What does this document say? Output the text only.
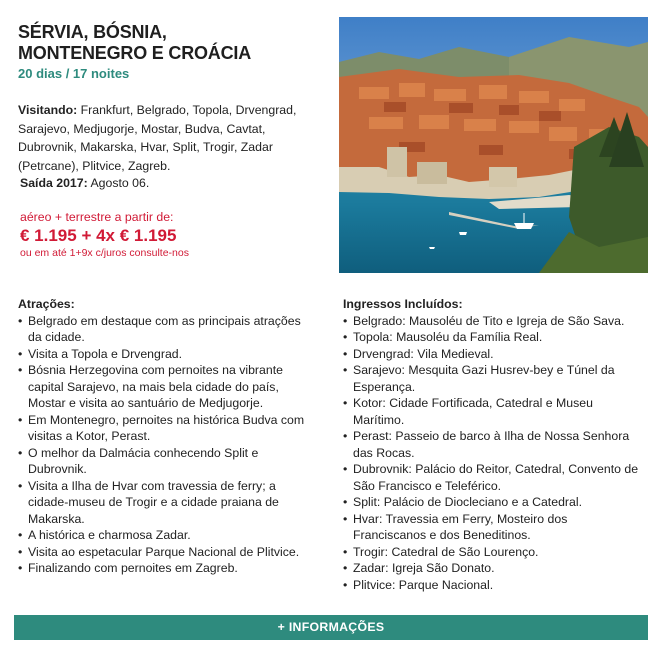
SÉRVIA, BÓSNIA,
MONTENEGRO E CROÁCIA
20 dias / 17 noites
Visitando: Frankfurt, Belgrado, Topola, Drvengrad, Sarajevo, Medjugorje, Mostar, Budva, Cavtat, Dubrovnik, Makarska, Hvar, Split, Trogir, Zadar (Petrcane), Plitvice, Zagreb.
Saída 2017: Agosto 06.
aéreo + terrestre a partir de:
€ 1.195 + 4x € 1.195
ou em até 1+9x c/juros consulte-nos
Atrações:
• Belgrado em destaque com as principais atrações da cidade.
• Visita a Topola e Drvengrad.
• Bósnia Herzegovina com pernoites na vibrante capital Sarajevo, na mais bela cidade do país, Mostar e visita ao santuário de Medjugorje.
• Em Montenegro, pernoites na histórica Budva com visitas a Kotor, Perast.
• O melhor da Dalmácia conhecendo Split e Dubrovnik.
• Visita a Ilha de Hvar com travessia de ferry; a cidade-museu de Trogir e a cidade praiana de Makarska.
• A histórica e charmosa Zadar.
• Visita ao espetacular Parque Nacional de Plitvice.
• Finalizando com pernoites em Zagreb.
Ingressos Incluídos:
• Belgrado: Mausoléu de Tito e Igreja de São Sava.
• Topola: Mausoléu da Família Real.
• Drvengrad: Vila Medieval.
• Sarajevo: Mesquita Gazi Husrev-bey e Túnel da Esperança.
• Kotor: Cidade Fortificada, Catedral e Museu Marítimo.
• Perast: Passeio de barco à Ilha de Nossa Senhora das Rocas.
• Dubrovnik: Palácio do Reitor, Catedral, Convento de São Francisco e Teleférico.
• Split: Palácio de Diocleciano e a Catedral.
• Hvar: Travessia em Ferry, Mosteiro dos Franciscanos e dos Beneditinos.
• Trogir: Catedral de São Lourenço.
• Zadar: Igreja São Donato.
• Plitvice: Parque Nacional.
+ INFORMAÇÕES
